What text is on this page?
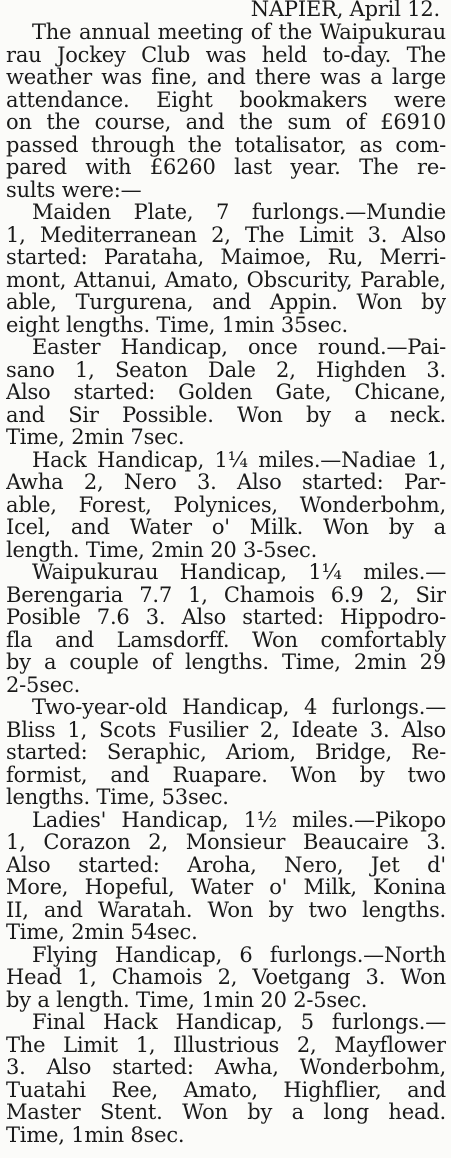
NAPIER, April 12.
The annual meeting of the Waipukurau
rau Jockey Club was held to-day. The
weather was fine, and there was a large
attendance. Eight bookmakers were
on the course, and the sum of £6910
passed through the totalisator, as com-
pared with £6260 last year. The re-
sults were:—
Maiden Plate, 7 furlongs.—Mundie
1, Mediterranean 2, The Limit 3. Also
started: Parataha, Maimoe, Ru, Merri-
mont, Attanui, Amato, Obscurity, Parable,
able, Turgurena, and Appin. Won by
eight lengths. Time, 1min 35sec.
Easter Handicap, once round.—Pai-
sano 1, Seaton Dale 2, Highden 3.
Also started: Golden Gate, Chicane,
and Sir Possible. Won by a neck.
Time, 2min 7sec.
Hack Handicap, 1¼ miles.—Nadiae 1,
Awha 2, Nero 3. Also started: Par-
able, Forest, Polynices, Wonderbohm,
Icel, and Water o' Milk. Won by a
length. Time, 2min 20 3-5sec.
Waipukurau Handicap, 1¼ miles.—
Berengaria 7.7 1, Chamois 6.9 2, Sir
Posible 7.6 3. Also started: Hippodro-
fla and Lamsdorff. Won comfortably
by a couple of lengths. Time, 2min 29
2-5sec.
Two-year-old Handicap, 4 furlongs.—
Bliss 1, Scots Fusilier 2, Ideate 3. Also
started: Seraphic, Ariom, Bridge, Re-
formist, and Ruapare. Won by two
lengths. Time, 53sec.
Ladies' Handicap, 1½ miles.—Pikopo
1, Corazon 2, Monsieur Beaucaire 3.
Also started: Aroha, Nero, Jet d'
More, Hopeful, Water o' Milk, Konina
II, and Waratah. Won by two lengths.
Time, 2min 54sec.
Flying Handicap, 6 furlongs.—North
Head 1, Chamois 2, Voetgang 3. Won
by a length. Time, 1min 20 2-5sec.
Final Hack Handicap, 5 furlongs.—
The Limit 1, Illustrious 2, Mayflower
3. Also started: Awha, Wonderbohm,
Tuatahi Ree, Amato, Highflier, and
Master Stent. Won by a long head.
Time, 1min 8sec.
